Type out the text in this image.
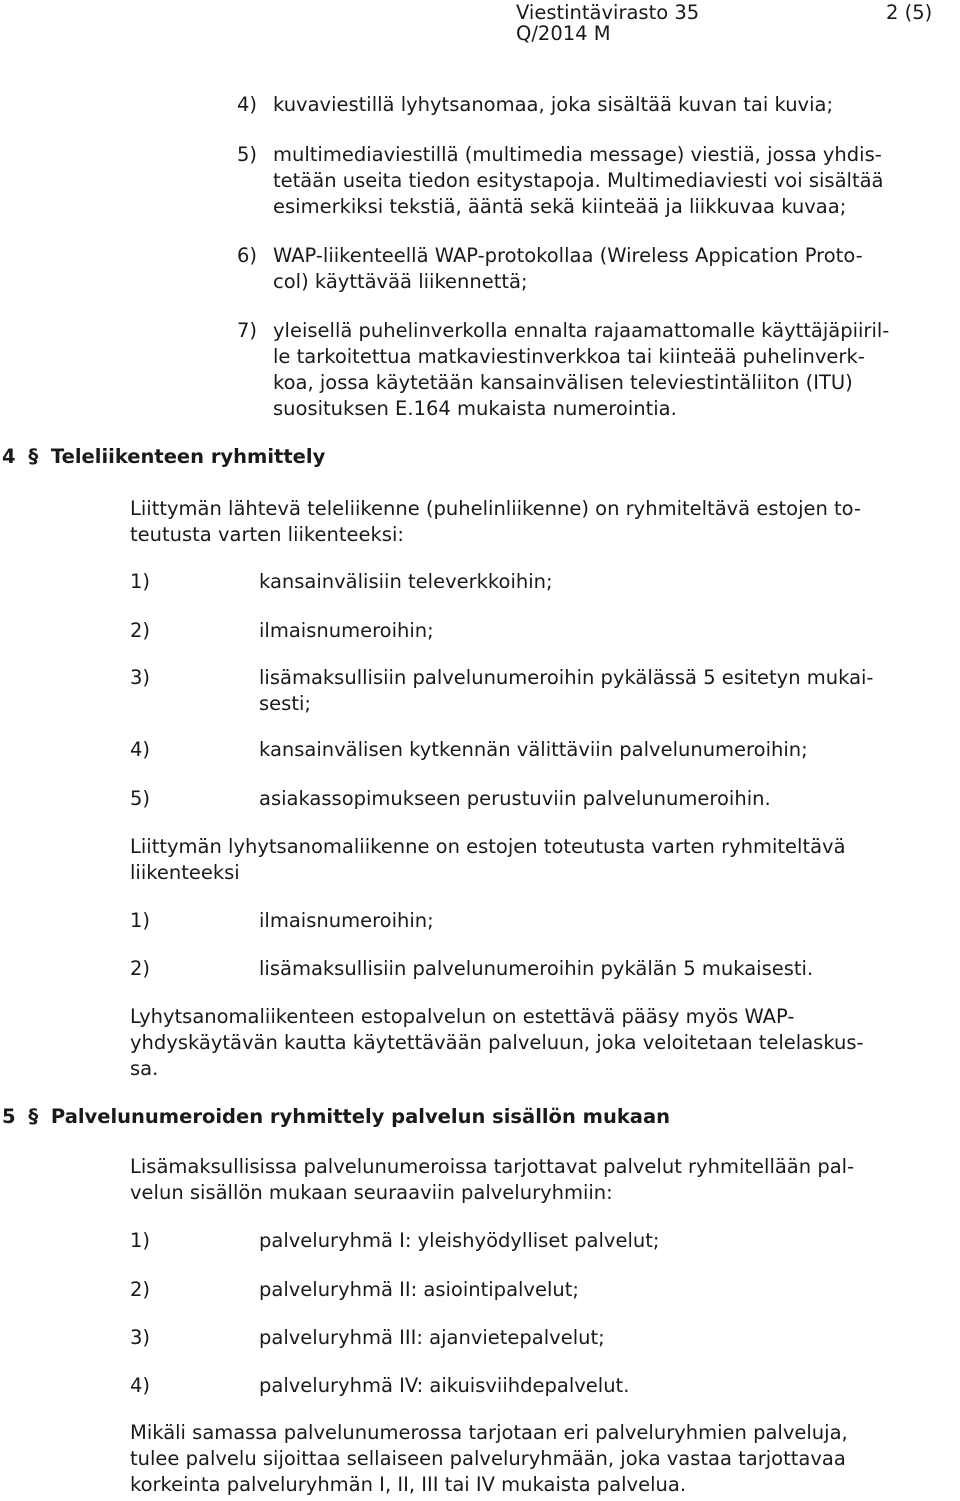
Viestintävirasto 35	2 (5)
Q/2014 M
4) kuvaviestillä lyhytsanomaa, joka sisältää kuvan tai kuvia;
5) multimediaviestillä (multimedia message) viestiä, jossa yhdis-
tetään useita tiedon esitystapoja. Multimediaviesti voi sisältää
esimerkiksi tekstiä, ääntä sekä kiinteää ja liikkuvaa kuvaa;
6) WAP-liikenteellä WAP-protokollaa (Wireless Appication Proto-
col) käyttävää liikennettä;
7) yleisellä puhelinverkolla ennalta rajaamattomalle käyttäjäpiiril-
le tarkoitettua matkaviestinverkkoa tai kiinteää puhelinverk-
koa, jossa käytetään kansainvälisen televiestintäliiton (ITU)
suosituksen E.164 mukaista numerointia.
4 § Teleliikenteen ryhmittely
Liittymän lähtevä teleliikenne (puhelinliikenne) on ryhmiteltävä estojen to-
teutusta varten liikenteeksi:
1)	kansainvälisiin televerkkoihin;
2)	ilmaisnumeroihin;
3)	lisämaksullisiin palvelunumeroihin pykälässä 5 esitetyn mukai-
sesti;
4)	kansainvälisen kytkennän välittäviin palvelunumeroihin;
5)	asiakassopimukseen perustuviin palvelunumeroihin.
Liittymän lyhytsanomaliikenne on estojen toteutusta varten ryhmiteltävä
liikenteeksi
1)	ilmaisnumeroihin;
2)	lisämaksullisiin palvelunumeroihin pykälän 5 mukaisesti.
Lyhytsanomaliikenteen estopalvelun on estettävä pääsy myös WAP-
yhdyskäytävän kautta käytettävään palveluun, joka veloitetaan telelaskus-
sa.
5 § Palvelunumeroiden ryhmittely palvelun sisällön mukaan
Lisämaksullisissa palvelunumeroissa tarjottavat palvelut ryhmitellään pal-
velun sisällön mukaan seuraaviin palveluryhmiin:
1)	palveluryhmä I: yleishyödylliset palvelut;
2)	palveluryhmä II: asiointipalvelut;
3)	palveluryhmä III: ajanvietepalvelut;
4)	palveluryhmä IV: aikuisviihdepalvelut.
Mikäli samassa palvelunumerossa tarjotaan eri palveluryhmien palveluja,
tulee palvelu sijoittaa sellaiseen palveluryhmään, joka vastaa tarjottavaa
korkeinta palveluryhmän I, II, III tai IV mukaista palvelua.
